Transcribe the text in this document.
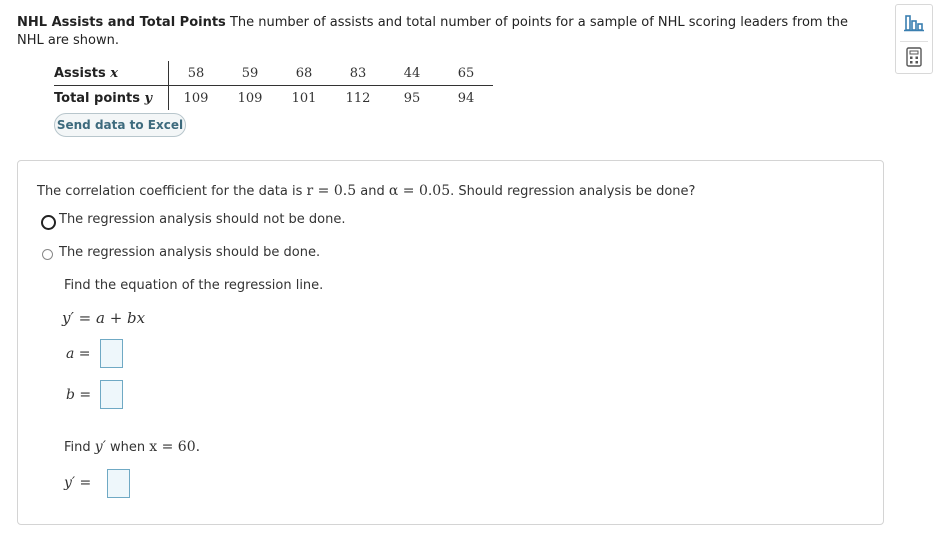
NHL Assists and Total Points The number of assists and total number of points for a sample of NHL scoring leaders from the NHL are shown.
Assists x	58	59	68	83	44	65
Total points y	109	109	101	112	95	94
Send data to Excel
The correlation coefficient for the data is r = 0.5 and α = 0.05. Should regression analysis be done?
The regression analysis should not be done.
The regression analysis should be done.
Find the equation of the regression line.
y′ = a + bx
a =
b =
Find y′ when x = 60.
y′ =
